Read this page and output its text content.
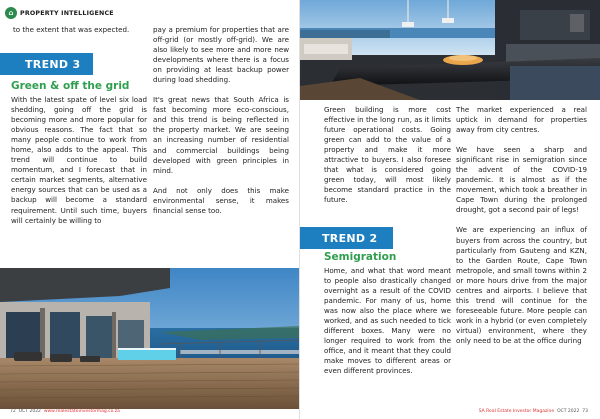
⌂	PROPERTY INTELLIGENCE

to the extent that was expected.

TREND 3
Green & off the grid

With the latest spate of level six load shedding, going off the grid is becoming more and more popular for obvious reasons. The fact that so many people continue to work from home, also adds to the appeal. This trend will continue to build momentum, and I forecast that in certain market segments, alternative energy sources that can be used as a backup will become a standard requirement. Until such time, buyers will certainly be willing to

pay a premium for properties that are off-grid (or mostly off-grid). We are also likely to see more and more new developments where there is a focus on providing at least backup power during load shedding.

It's great news that South Africa is fast becoming more eco-conscious, and this trend is being reflected in the property market. We are seeing an increasing number of residential and commercial buildings being developed with green principles in mind.

And not only does this make environmental sense, it makes financial sense too.

72 OCT 2022 www.realestateinvestormag.co.za

Green building is more cost effective in the long run, as it limits future operational costs. Going green can add to the value of a property and make it more attractive to buyers. I also foresee that what is considered going green today, will most likely become standard practice in the future.

TREND 2
Semigration

Home, and what that word meant to people also drastically changed overnight as a result of the COVID pandemic. For many of us, home was now also the place where we worked, and as such needed to tick different boxes. Many were no longer required to work from the office, and it meant that they could make moves to different areas or even different provinces.

The market experienced a real uptick in demand for properties away from city centres.

We have seen a sharp and significant rise in semigration since the advent of the COVID-19 pandemic. It is almost as if the movement, which took a breather in Cape Town during the prolonged drought, got a second pair of legs!

We are experiencing an influx of buyers from across the country, but particularly from Gauteng and KZN, to the Garden Route, Cape Town metropole, and small towns within 2 or more hours drive from the major centres and airports. I believe that this trend will continue for the foreseeable future. More people can work in a hybrid (or even completely virtual) environment, where they only need to be at the office during

SA Real Estate Investor Magazine OCT 2022 73
